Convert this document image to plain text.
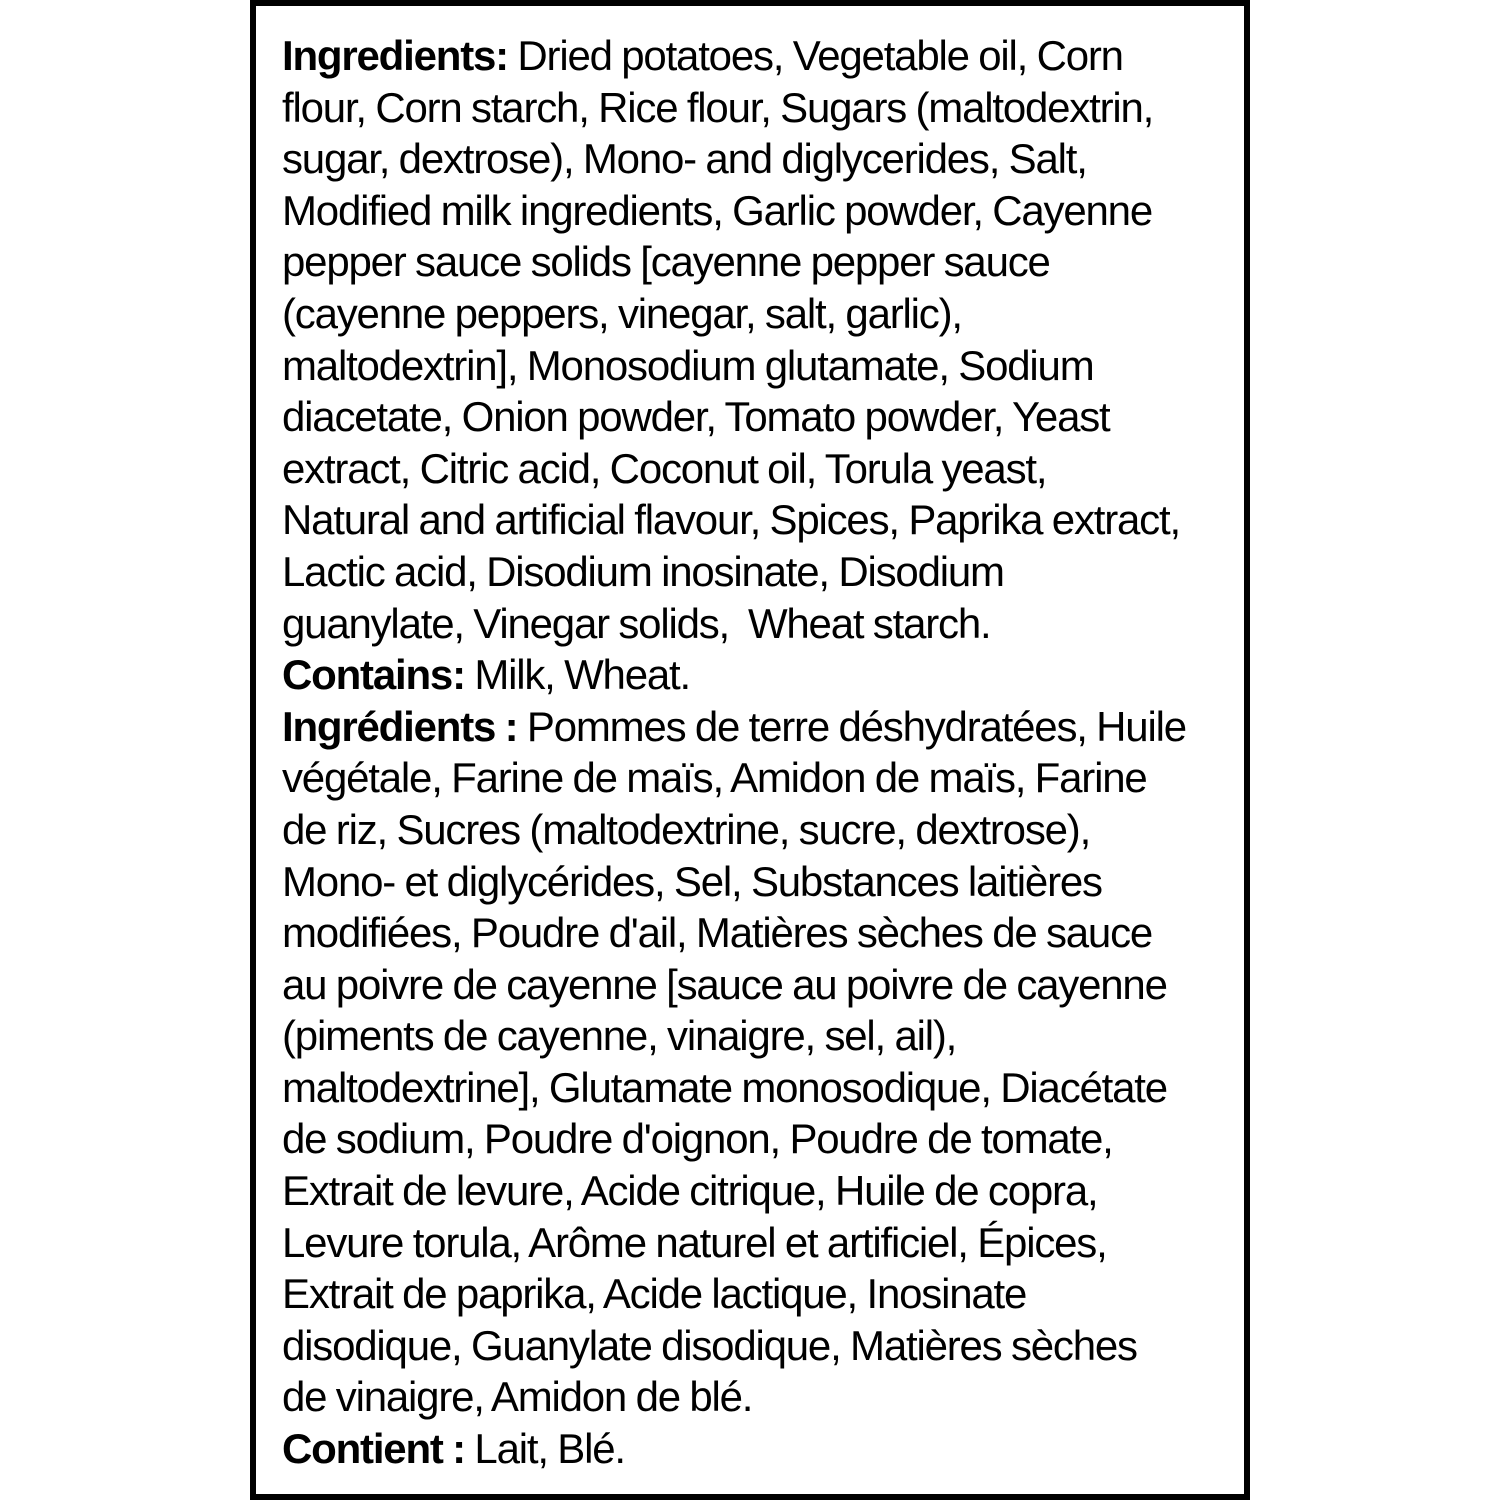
Ingredients: Dried potatoes, Vegetable oil, Corn
flour, Corn starch, Rice flour, Sugars (maltodextrin,
sugar, dextrose), Mono- and diglycerides, Salt,
Modified milk ingredients, Garlic powder, Cayenne
pepper sauce solids [cayenne pepper sauce
(cayenne peppers, vinegar, salt, garlic),
maltodextrin], Monosodium glutamate, Sodium
diacetate, Onion powder, Tomato powder, Yeast
extract, Citric acid, Coconut oil, Torula yeast,
Natural and artificial flavour, Spices, Paprika extract,
Lactic acid, Disodium inosinate, Disodium
guanylate, Vinegar solids,  Wheat starch.
Contains: Milk, Wheat.
Ingrédients : Pommes de terre déshydratées, Huile
végétale, Farine de maïs, Amidon de maïs, Farine
de riz, Sucres (maltodextrine, sucre, dextrose),
Mono- et diglycérides, Sel, Substances laitières
modifiées, Poudre d'ail, Matières sèches de sauce
au poivre de cayenne [sauce au poivre de cayenne
(piments de cayenne, vinaigre, sel, ail),
maltodextrine], Glutamate monosodique, Diacétate
de sodium, Poudre d'oignon, Poudre de tomate,
Extrait de levure, Acide citrique, Huile de copra,
Levure torula, Arôme naturel et artificiel, Épices,
Extrait de paprika, Acide lactique, Inosinate
disodique, Guanylate disodique, Matières sèches
de vinaigre, Amidon de blé.
Contient : Lait, Blé.
